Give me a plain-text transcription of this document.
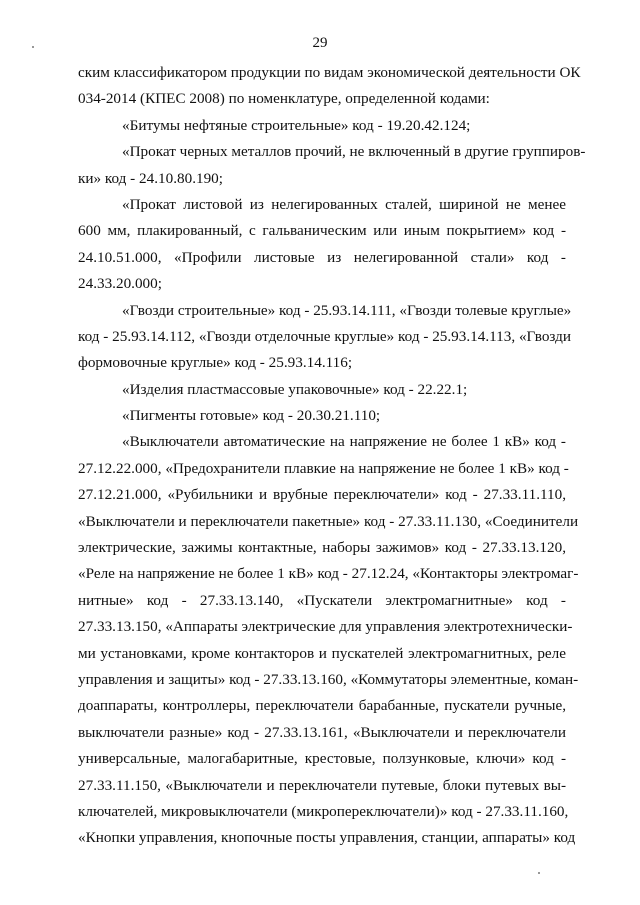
29
ским классификатором продукции по видам экономической деятельности ОК
034-2014 (КПЕС 2008) по номенклатуре, определенной кодами:
«Битумы нефтяные строительные» код - 19.20.42.124;
«Прокат черных металлов прочий, не включенный в другие группиров-
ки» код - 24.10.80.190;
«Прокат листовой из нелегированных сталей, шириной не менее
600 мм, плакированный, с гальваническим или иным покрытием» код -
24.10.51.000, «Профили листовые из нелегированной стали» код -
24.33.20.000;
«Гвозди строительные» код - 25.93.14.111, «Гвозди толевые круглые»
код - 25.93.14.112, «Гвозди отделочные круглые» код - 25.93.14.113, «Гвозди
формовочные круглые» код - 25.93.14.116;
«Изделия пластмассовые упаковочные» код - 22.22.1;
«Пигменты готовые» код - 20.30.21.110;
«Выключатели автоматические на напряжение не более 1 кВ» код -
27.12.22.000, «Предохранители плавкие на напряжение не более 1 кВ» код -
27.12.21.000, «Рубильники и врубные переключатели» код - 27.33.11.110,
«Выключатели и переключатели пакетные» код - 27.33.11.130, «Соединители
электрические, зажимы контактные, наборы зажимов» код - 27.33.13.120,
«Реле на напряжение не более 1 кВ» код - 27.12.24, «Контакторы электромаг-
нитные» код - 27.33.13.140, «Пускатели электромагнитные» код -
27.33.13.150, «Аппараты электрические для управления электротехнически-
ми установками, кроме контакторов и пускателей электромагнитных, реле
управления и защиты» код - 27.33.13.160, «Коммутаторы элементные, коман-
доаппараты, контроллеры, переключатели барабанные, пускатели ручные,
выключатели разные» код - 27.33.13.161, «Выключатели и переключатели
универсальные, малогабаритные, крестовые, ползунковые, ключи» код -
27.33.11.150, «Выключатели и переключатели путевые, блоки путевых вы-
ключателей, микровыключатели (микропереключатели)» код - 27.33.11.160,
«Кнопки управления, кнопочные посты управления, станции, аппараты» код
